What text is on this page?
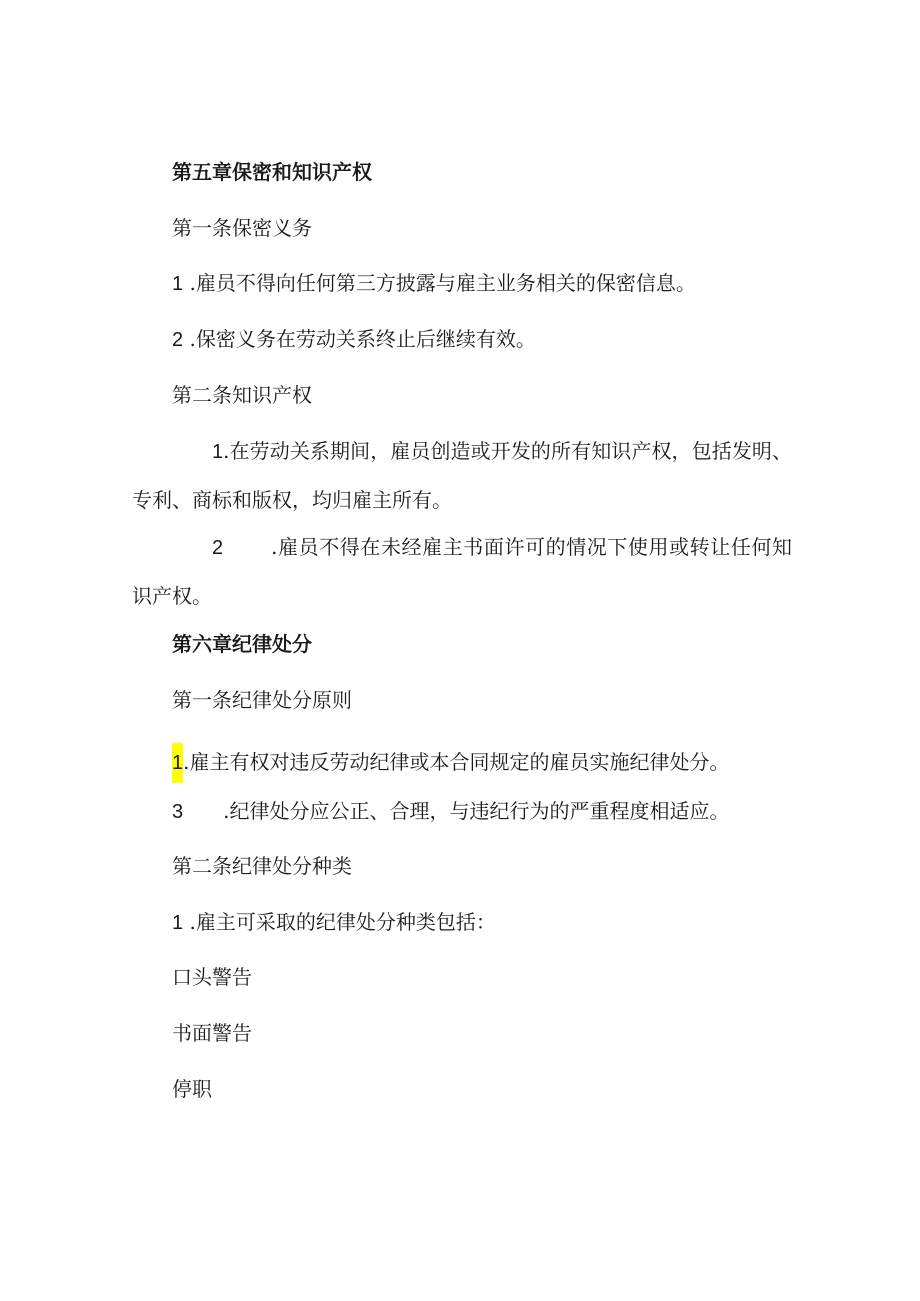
第五章保密和知识产权
第一条保密义务
1 .雇员不得向任何第三方披露与雇主业务相关的保密信息。
2 .保密义务在劳动关系终止后继续有效。
第二条知识产权
1.在劳动关系期间，雇员创造或开发的所有知识产权，包括发明、专利、商标和版权，均归雇主所有。
2 .雇员不得在未经雇主书面许可的情况下使用或转让任何知识产权。
第六章纪律处分
第一条纪律处分原则
1.雇主有权对违反劳动纪律或本合同规定的雇员实施纪律处分。
3 .纪律处分应公正、合理，与违纪行为的严重程度相适应。
第二条纪律处分种类
1 .雇主可采取的纪律处分种类包括：
口头警告
书面警告
停职
